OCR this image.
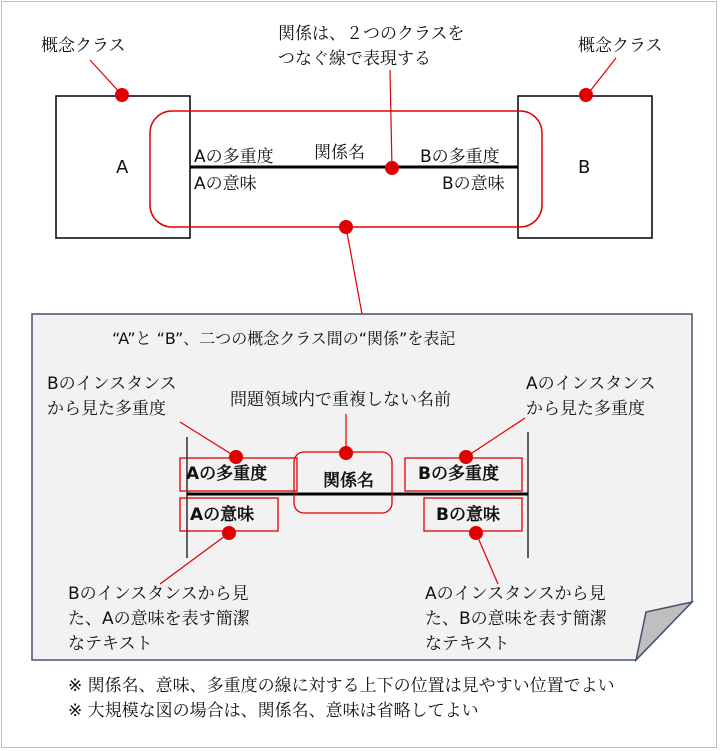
概念クラス	概念クラス
関係は、２つのクラスを
つなぐ線で表現する
A	B
Aの多重度
Aの意味
関係名	Bの多重度
Bの意味
“A”と “B”、二つの概念クラス間の“関係”を表記
Bのインスタンス
から見た多重度	問題領域内で重複しない名前
Aのインスタンス
から見た多重度
Aの多重度	関係名	Bの多重度
Aの意味	Bの意味
Bのインスタンスから見
た、Aの意味を表す簡潔
なテキスト
Aのインスタンスから見
た、Bの意味を表す簡潔
なテキスト
※ 関係名、意味、多重度の線に対する上下の位置は見やすい位置でよい
※ 大規模な図の場合は、関係名、意味は省略してよい
